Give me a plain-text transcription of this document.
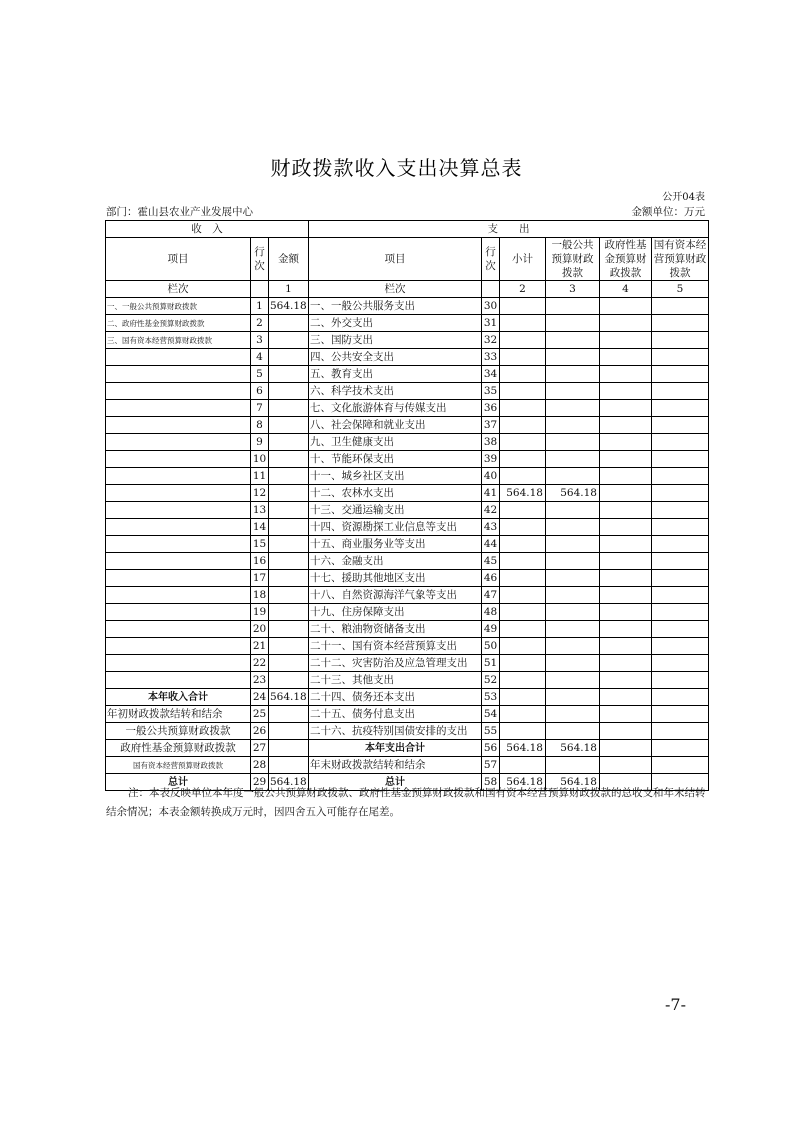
财政拨款收入支出决算总表
公开04表
部门：霍山县农业产业发展中心	金额单位：万元
收　入			支　　出					
项目	行次	金额	项目	行次	小计	一般公共预算财政拨款	政府性基金预算财政拨款	国有资本经营预算财政拨款
栏次		1	栏次		2	3	4	5
一、一般公共预算财政拨款	1	564.18	一、一般公共服务支出	30				
二、政府性基金预算财政拨款	2		二、外交支出	31				
三、国有资本经营预算财政拨款	3		三、国防支出	32				
	4		四、公共安全支出	33				
	5		五、教育支出	34				
	6		六、科学技术支出	35				
	7		七、文化旅游体育与传媒支出	36				
	8		八、社会保障和就业支出	37				
	9		九、卫生健康支出	38				
	10		十、节能环保支出	39				
	11		十一、城乡社区支出	40				
	12		十二、农林水支出	41	564.18	564.18		
	13		十三、交通运输支出	42				
	14		十四、资源勘探工业信息等支出	43				
	15		十五、商业服务业等支出	44				
	16		十六、金融支出	45				
	17		十七、援助其他地区支出	46				
	18		十八、自然资源海洋气象等支出	47				
	19		十九、住房保障支出	48				
	20		二十、粮油物资储备支出	49				
	21		二十一、国有资本经营预算支出	50				
	22		二十二、灾害防治及应急管理支出	51				
	23		二十三、其他支出	52				
本年收入合计	24	564.18	二十四、债务还本支出	53				
年初财政拨款结转和结余	25		二十五、债务付息支出	54				
一般公共预算财政拨款	26		二十六、抗疫特别国债安排的支出	55				
政府性基金预算财政拨款	27		本年支出合计	56	564.18	564.18		
国有资本经营预算财政拨款	28		年末财政拨款结转和结余	57				
总计	29	564.18	总计	58	564.18	564.18		
注：本表反映单位本年度一般公共预算财政拨款、政府性基金预算财政拨款和国有资本经营预算财政拨款的总收支和年末结转结余情况；本表金额转换成万元时，因四舍五入可能存在尾差。
-7-
